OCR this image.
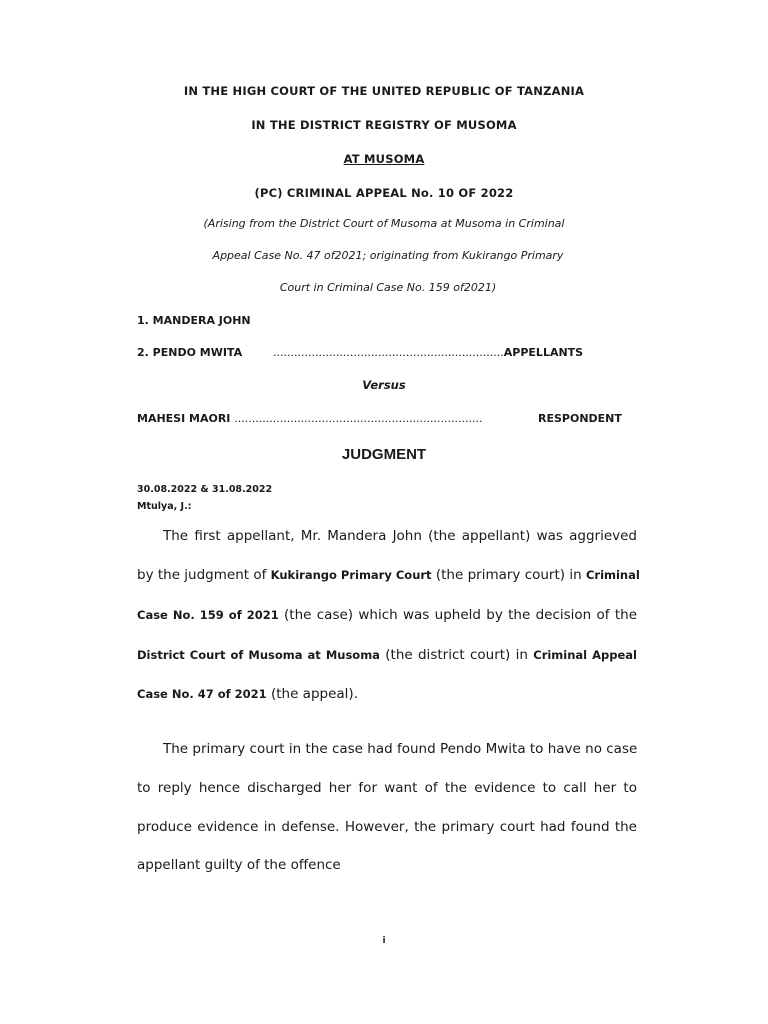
IN THE HIGH COURT OF THE UNITED REPUBLIC OF TANZANIA
IN THE DISTRICT REGISTRY OF MUSOMA
AT MUSOMA
(PC) CRIMINAL APPEAL No. 10 OF 2022
(Arising from the District Court of Musoma at Musoma in Criminal
Appeal Case No. 47 of2021; originating from Kukirango Primary
Court in Criminal Case No. 159 of2021)
1. MANDERA JOHN
2. PENDO MWITA	..................................................................APPELLANTS
Versus
MAHESI MAORI .......................................................................	RESPONDENT
JUDGMENT
30.08.2022 & 31.08.2022
Mtulya, J.:
The first appellant, Mr. Mandera John (the appellant) was aggrieved
by the judgment of Kukirango Primary Court (the primary court) in Criminal
Case No. 159 of 2021 (the case) which was upheld by the decision of the
District Court of Musoma at Musoma (the district court) in Criminal Appeal
Case No. 47 of 2021 (the appeal).
The primary court in the case had found Pendo Mwita to have no case
to reply hence discharged her for want of the evidence to call her to
produce evidence in defense. However, the primary court had found the
appellant guilty of the offence
i
